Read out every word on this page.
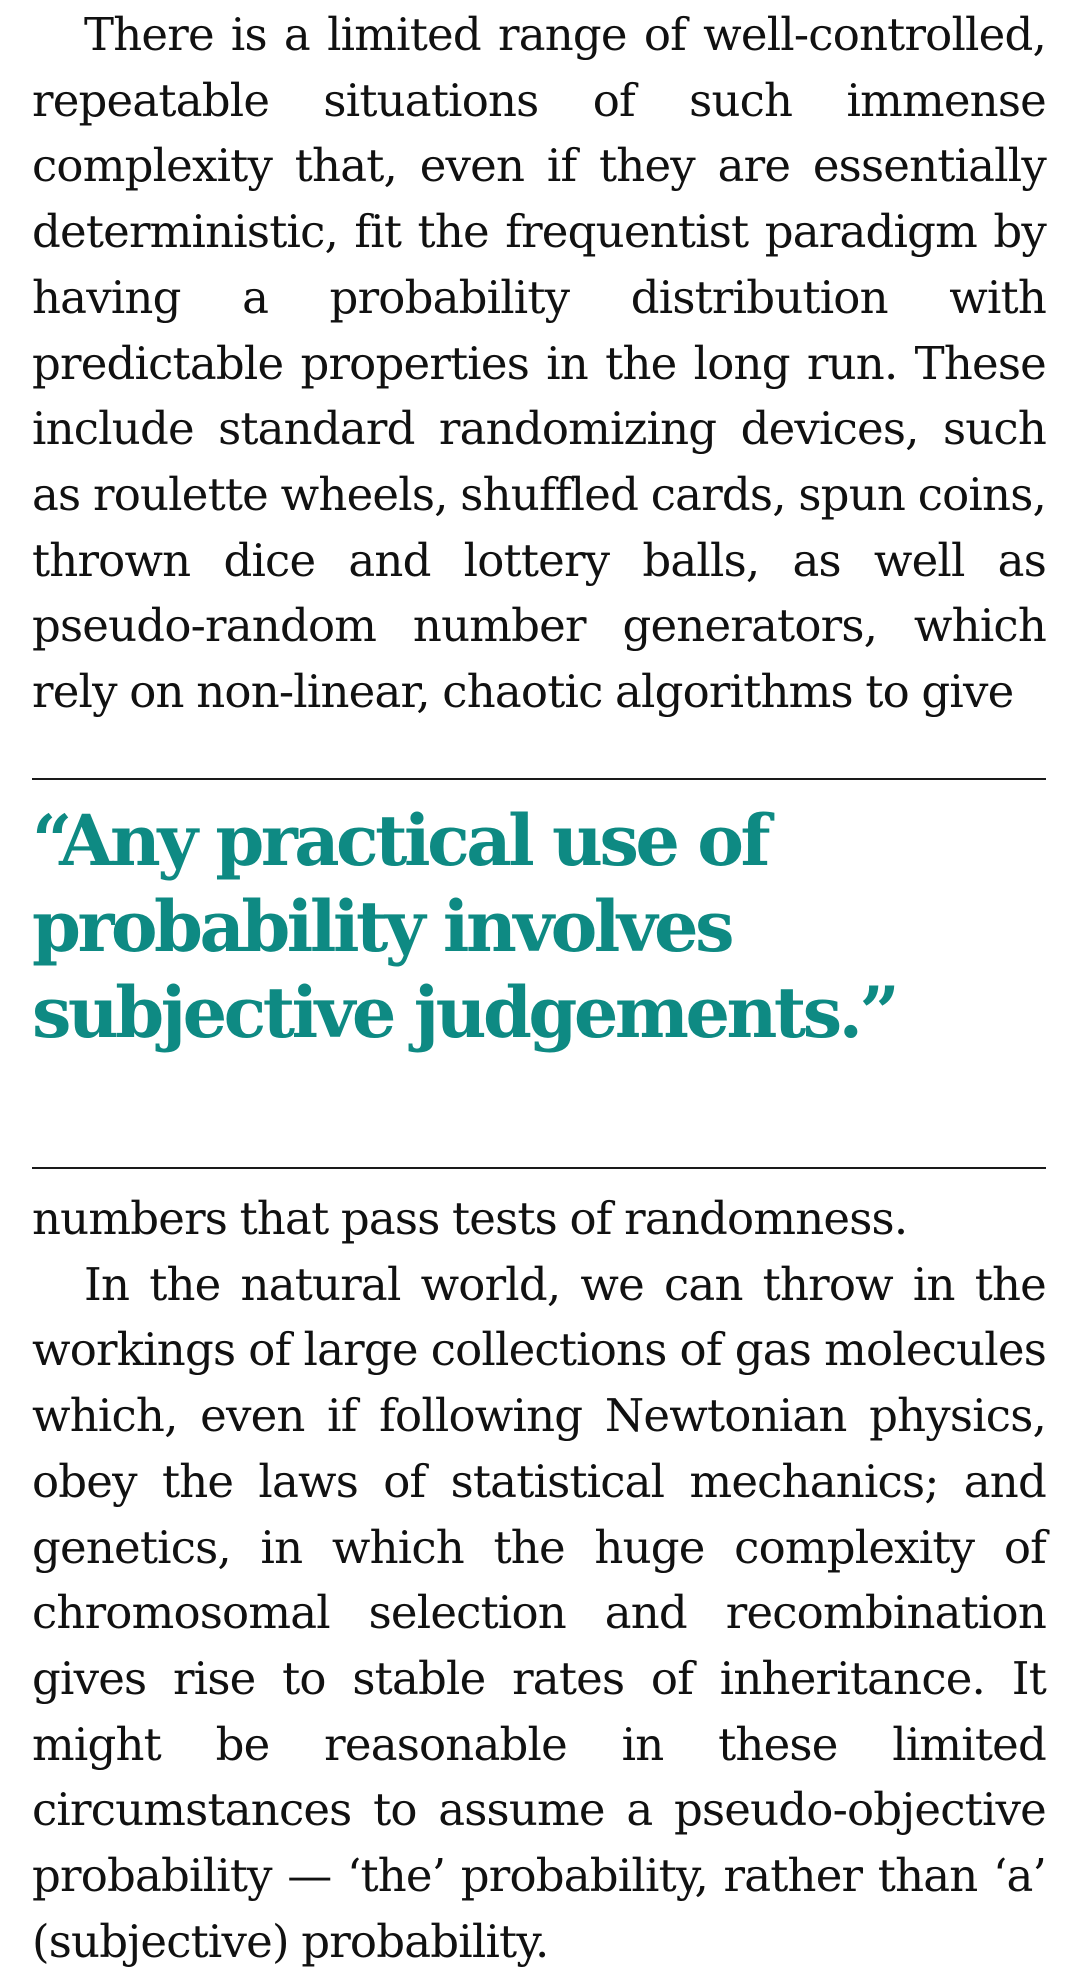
There is a limited range of well-controlled, repeatable situations of such immense complexity that, even if they are essentially deterministic, fit the frequentist paradigm by having a probability distribution with predictable properties in the long run. These include standard randomizing devices, such as roulette wheels, shuffled cards, spun coins, thrown dice and lottery balls, as well as pseudo-random number generators, which rely on non-linear, chaotic algorithms to give

“Any practical use of probability involves subjective judgements.”

numbers that pass tests of randomness.
In the natural world, we can throw in the workings of large collections of gas molecules which, even if following Newtonian physics, obey the laws of statistical mechanics; and genetics, in which the huge complexity of chromosomal selection and recombination gives rise to stable rates of inheritance. It might be reasonable in these limited circumstances to assume a pseudo-objective probability — ‘the’ probability, rather than ‘a’ (subjective) probability.
